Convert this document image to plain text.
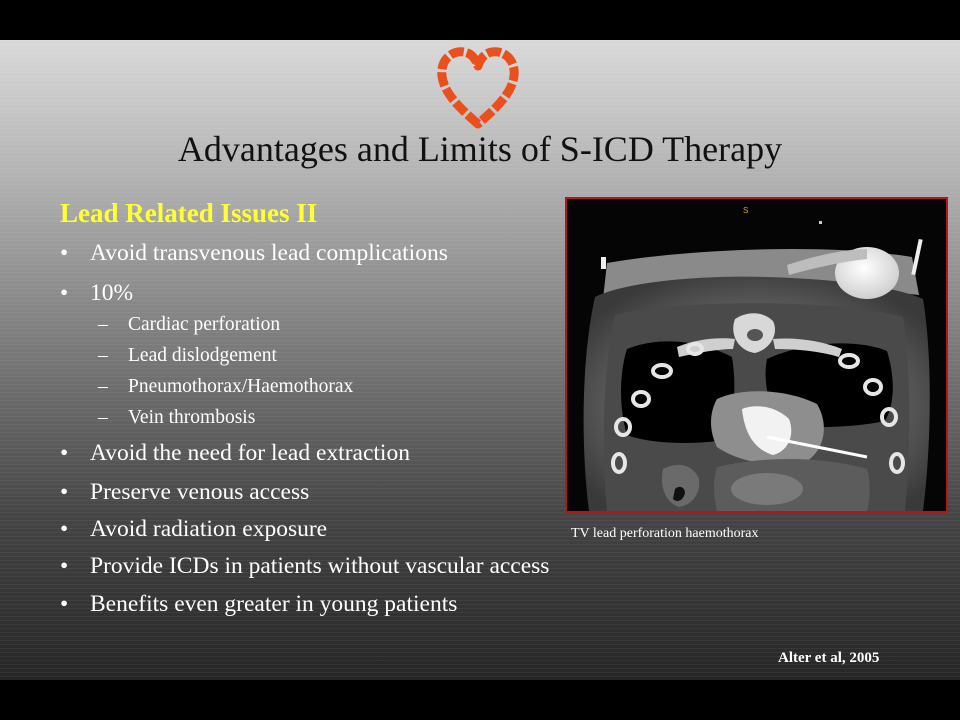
Advantages and Limits of S-ICD Therapy
Lead Related Issues II
• Avoid transvenous lead complications
• 10%
– Cardiac perforation
– Lead dislodgement
– Pneumothorax/Haemothorax
– Vein thrombosis
• Avoid the need for lead extraction
• Preserve venous access
• Avoid radiation exposure
• Provide ICDs in patients without vascular access
• Benefits even greater in young patients
S
TV lead perforation haemothorax
Alter et al, 2005
